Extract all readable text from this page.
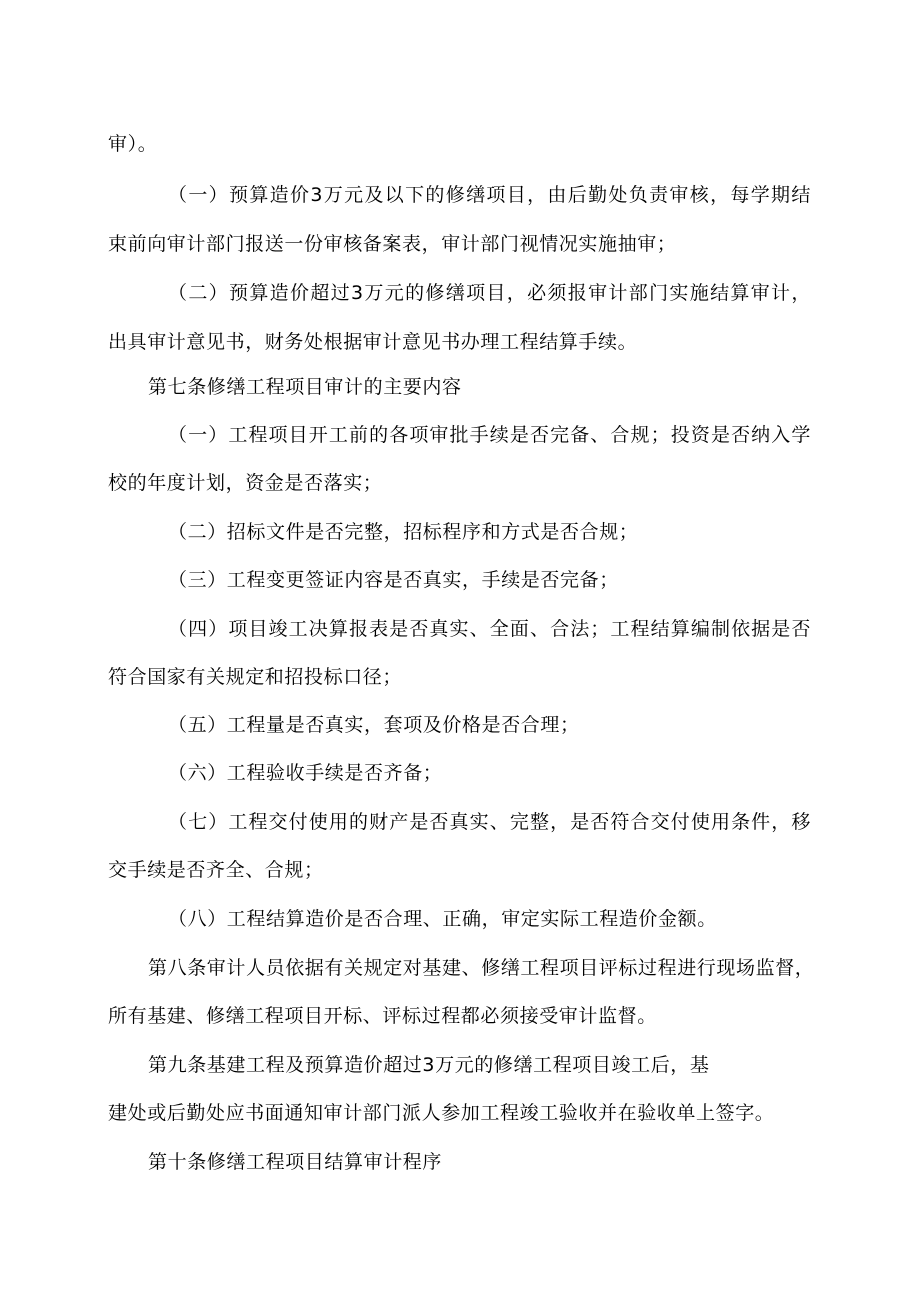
审）。
（一）预算造价3万元及以下的修缮项目，由后勤处负责审核，每学期结
束前向审计部门报送一份审核备案表，审计部门视情况实施抽审；
（二）预算造价超过3万元的修缮项目，必须报审计部门实施结算审计，
出具审计意见书，财务处根据审计意见书办理工程结算手续。
第七条修缮工程项目审计的主要内容
（一）工程项目开工前的各项审批手续是否完备、合规；投资是否纳入学
校的年度计划，资金是否落实；
（二）招标文件是否完整，招标程序和方式是否合规；
（三）工程变更签证内容是否真实，手续是否完备；
（四）项目竣工决算报表是否真实、全面、合法；工程结算编制依据是否
符合国家有关规定和招投标口径；
（五）工程量是否真实，套项及价格是否合理；
（六）工程验收手续是否齐备；
（七）工程交付使用的财产是否真实、完整，是否符合交付使用条件，移
交手续是否齐全、合规；
（八）工程结算造价是否合理、正确，审定实际工程造价金额。
第八条审计人员依据有关规定对基建、修缮工程项目评标过程进行现场监督，
所有基建、修缮工程项目开标、评标过程都必须接受审计监督。
第九条基建工程及预算造价超过3万元的修缮工程项目竣工后，基
建处或后勤处应书面通知审计部门派人参加工程竣工验收并在验收单上签字。
第十条修缮工程项目结算审计程序
